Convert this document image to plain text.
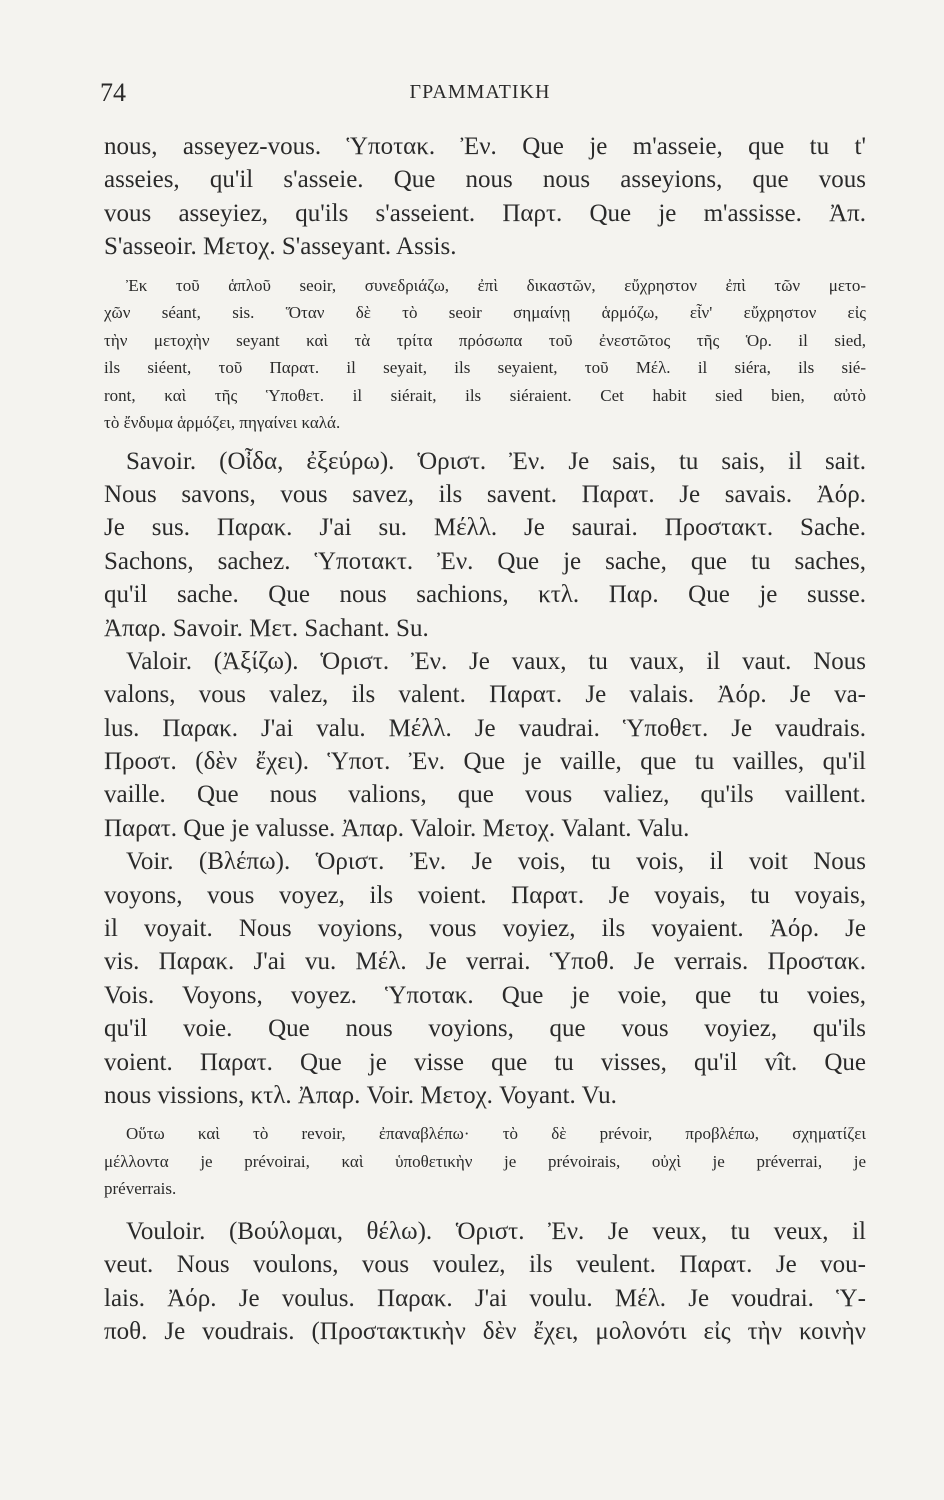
74	ΓΡΑΜΜΑΤΙΚΗ
nous, asseyez-vous. Ὑποτακ. Ἐν. Que je m'asseie, que tu t'
asseies, qu'il s'asseie. Que nous nous asseyions, que vous
vous asseyiez, qu'ils s'asseient. Παρτ. Que je m'assisse. Ἀπ.
S'asseoir. Μετοχ. S'asseyant. Assis.
Ἐκ τοῦ ἁπλοῦ seoir, συνεδριάζω, ἐπὶ δικαστῶν, εὔχρηστον ἐπὶ τῶν μετο-
χῶν séant, sis. Ὅταν δὲ τὸ seoir σημαίνῃ ἁρμόζω, εἶν' εὔχρηστον εἰς
τὴν μετοχὴν seyant καὶ τὰ τρίτα πρόσωπα τοῦ ἐνεστῶτος τῆς Ὁρ. il sied,
ils siéent, τοῦ Παρατ. il seyait, ils seyaient, τοῦ Μέλ. il siéra, ils sié-
ront, καὶ τῆς Ὑποθετ. il siérait, ils siéraient. Cet habit sied bien, αὐτὸ
τὸ ἔνδυμα ἁρμόζει, πηγαίνει καλά.
Savoir. (Οἶδα, ἐξεύρω). Ὁριστ. Ἐν. Je sais, tu sais, il sait.
Nous savons, vous savez, ils savent. Παρατ. Je savais. Ἀόρ.
Je sus. Παρακ. J'ai su. Μέλλ. Je saurai. Προστακτ. Sache.
Sachons, sachez. Ὑποτακτ. Ἐν. Que je sache, que tu saches,
qu'il sache. Que nous sachions, κτλ. Παρ. Que je susse.
Ἀπαρ. Savoir. Μετ. Sachant. Su.
Valoir. (Ἀξίζω). Ὁριστ. Ἐν. Je vaux, tu vaux, il vaut. Nous
valons, vous valez, ils valent. Παρατ. Je valais. Ἀόρ. Je va-
lus. Παρακ. J'ai valu. Μέλλ. Je vaudrai. Ὑποθετ. Je vaudrais.
Προστ. (δὲν ἔχει). Ὑποτ. Ἐν. Que je vaille, que tu vailles, qu'il
vaille. Que nous valions, que vous valiez, qu'ils vaillent.
Παρατ. Que je valusse. Ἀπαρ. Valoir. Μετοχ. Valant. Valu.
Voir. (Βλέπω). Ὁριστ. Ἐν. Je vois, tu vois, il voit Nous
voyons, vous voyez, ils voient. Παρατ. Je voyais, tu voyais,
il voyait. Nous voyions, vous voyiez, ils voyaient. Ἀόρ. Je
vis. Παρακ. J'ai vu. Μέλ. Je verrai. Ὑποθ. Je verrais. Προστακ.
Vois. Voyons, voyez. Ὑποτακ. Que je voie, que tu voies,
qu'il voie. Que nous voyions, que vous voyiez, qu'ils
voient. Παρατ. Que je visse que tu visses, qu'il vît. Que
nous vissions, κτλ. Ἀπαρ. Voir. Μετοχ. Voyant. Vu.
Οὕτω καὶ τὸ revoir, ἐπαναβλέπω· τὸ δὲ prévoir, προβλέπω, σχηματίζει
μέλλοντα je prévoirai, καὶ ὑποθετικὴν je prévoirais, οὐχὶ je préverrai, je
préverrais.
Vouloir. (Βούλομαι, θέλω). Ὁριστ. Ἐν. Je veux, tu veux, il
veut. Nous voulons, vous voulez, ils veulent. Παρατ. Je vou-
lais. Ἀόρ. Je voulus. Παρακ. J'ai voulu. Μέλ. Je voudrai. Ὑ-
ποθ. Je voudrais. (Προστακτικὴν δὲν ἔχει, μολονότι εἰς τὴν κοινὴν
